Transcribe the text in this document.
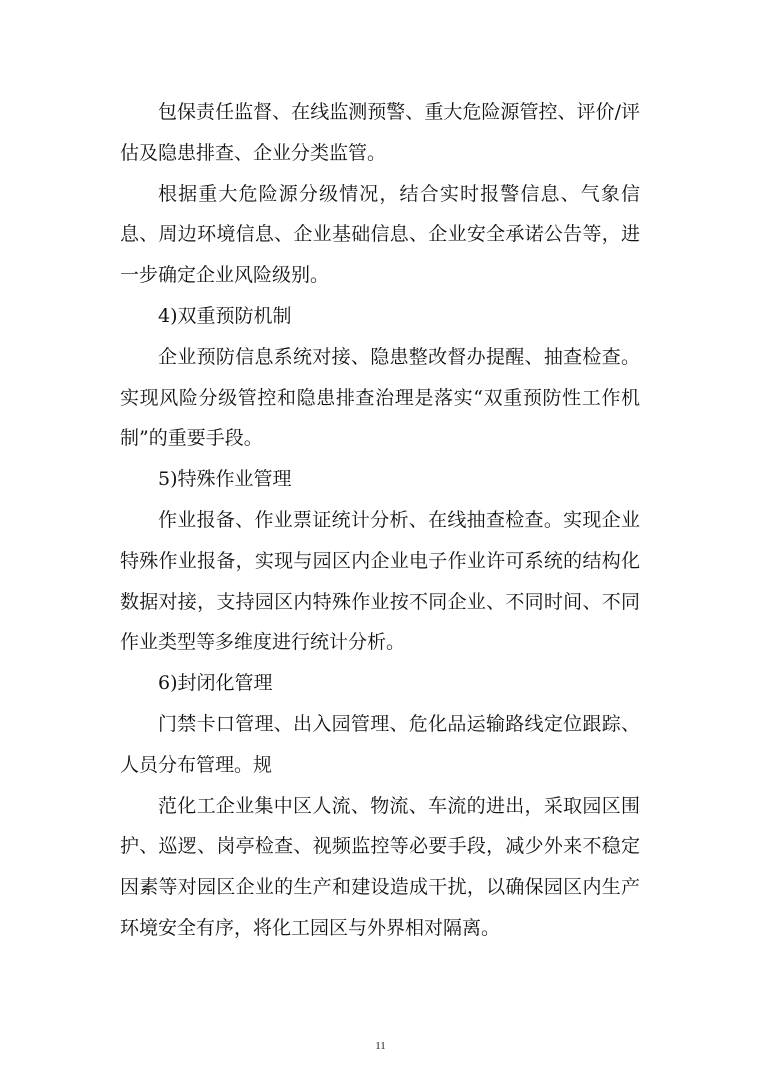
包保责任监督、在线监测预警、重大危险源管控、评价/评估及隐患排查、企业分类监管。

根据重大危险源分级情况，结合实时报警信息、气象信息、周边环境信息、企业基础信息、企业安全承诺公告等，进一步确定企业风险级别。

4)双重预防机制

企业预防信息系统对接、隐患整改督办提醒、抽查检查。实现风险分级管控和隐患排查治理是落实“双重预防性工作机制”的重要手段。

5)特殊作业管理

作业报备、作业票证统计分析、在线抽查检查。实现企业特殊作业报备，实现与园区内企业电子作业许可系统的结构化数据对接，支持园区内特殊作业按不同企业、不同时间、不同作业类型等多维度进行统计分析。

6)封闭化管理

门禁卡口管理、出入园管理、危化品运输路线定位跟踪、人员分布管理。规

范化工企业集中区人流、物流、车流的进出，采取园区围护、巡逻、岗亭检查、视频监控等必要手段，减少外来不稳定因素等对园区企业的生产和建设造成干扰，以确保园区内生产环境安全有序，将化工园区与外界相对隔离。

11
